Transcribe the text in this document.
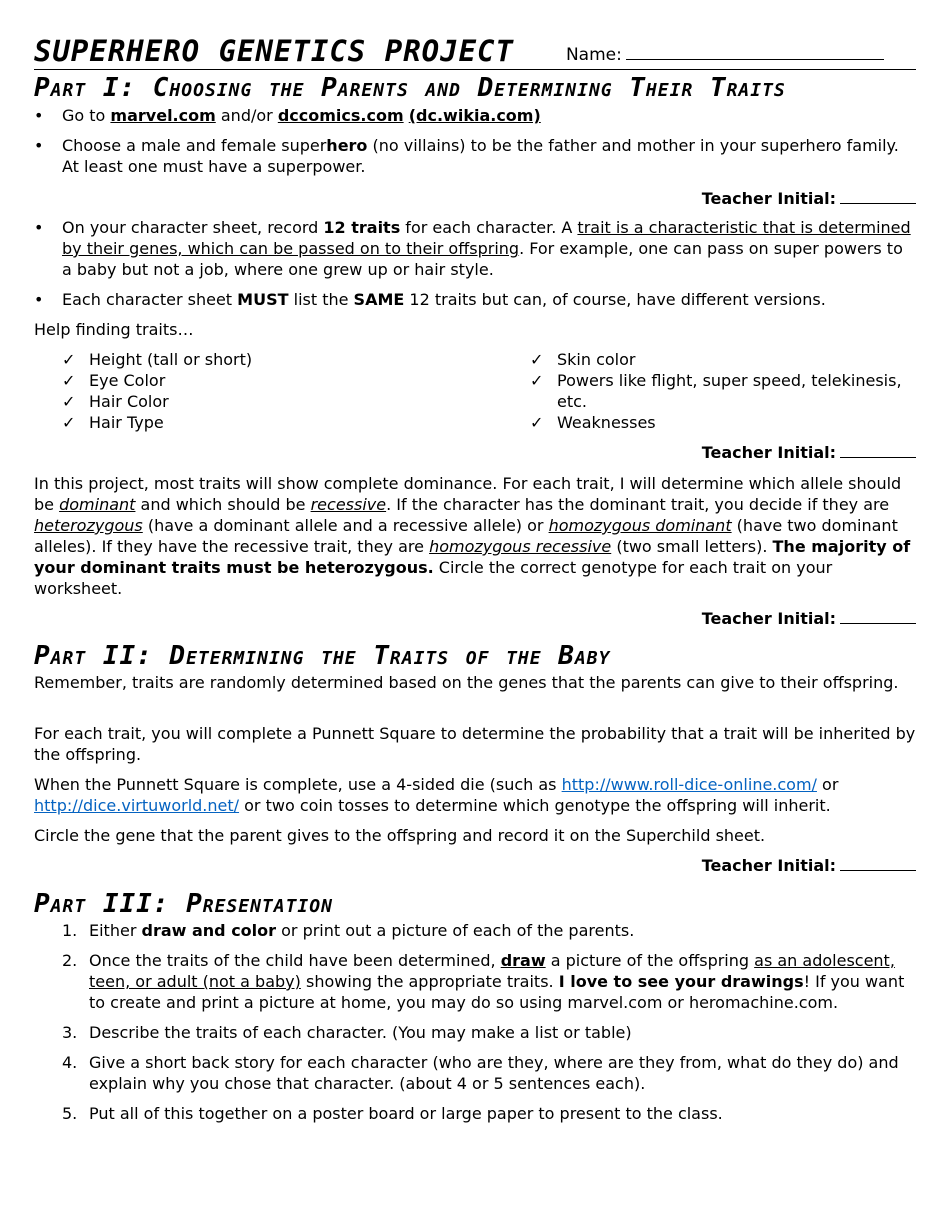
SUPERHERO GENETICS PROJECT	Name:
Part I: Choosing the Parents and Determining Their Traits
• Go to marvel.com and/or dccomics.com (dc.wikia.com)
• Choose a male and female superhero (no villains) to be the father and mother in your superhero family. At least one must have a superpower.
Teacher Initial:
• On your character sheet, record 12 traits for each character. A trait is a characteristic that is determined by their genes, which can be passed on to their offspring. For example, one can pass on super powers to a baby but not a job, where one grew up or hair style.
• Each character sheet MUST list the SAME 12 traits but can, of course, have different versions.

Help finding traits…

✓ Height (tall or short)
✓ Eye Color
✓ Hair Color
✓ Hair Type
✓ Skin color
✓ Powers like flight, super speed, telekinesis, etc.
✓ Weaknesses
Teacher Initial:

In this project, most traits will show complete dominance. For each trait, I will determine which allele should be dominant and which should be recessive. If the character has the dominant trait, you decide if they are heterozygous (have a dominant allele and a recessive allele) or homozygous dominant (have two dominant alleles). If they have the recessive trait, they are homozygous recessive (two small letters). The majority of your dominant traits must be heterozygous. Circle the correct genotype for each trait on your worksheet.

Teacher Initial:
Part II: Determining the Traits of the Baby

Remember, traits are randomly determined based on the genes that the parents can give to their offspring.

For each trait, you will complete a Punnett Square to determine the probability that a trait will be inherited by the offspring.

When the Punnett Square is complete, use a 4-sided die (such as http://www.roll-dice-online.com/ or
http://dice.virtuworld.net/ or two coin tosses to determine which genotype the offspring will inherit.

Circle the gene that the parent gives to the offspring and record it on the Superchild sheet.

Teacher Initial:
Part III: Presentation
1. Either draw and color or print out a picture of each of the parents.
2. Once the traits of the child have been determined, draw a picture of the offspring as an adolescent, teen, or adult (not a baby) showing the appropriate traits. I love to see your drawings! If you want to create and print a picture at home, you may do so using marvel.com or heromachine.com.
3. Describe the traits of each character. (You may make a list or table)
4. Give a short back story for each character (who are they, where are they from, what do they do) and explain why you chose that character. (about 4 or 5 sentences each).
5. Put all of this together on a poster board or large paper to present to the class.
